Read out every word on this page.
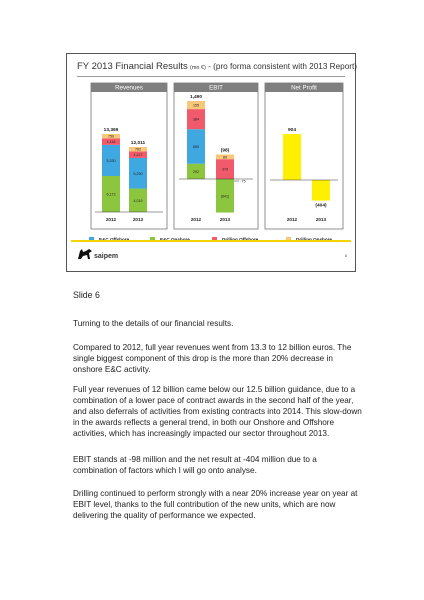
FY 2013 Financial Results (mn €) - (pro forma consistent with 2013 Report)
Revenues	EBIT	Net Profit
6,173
5,330
1,116
750
13,369
2012
4,015
5,250
1,117
762
12,011
2013
292
659
384
155
1,490
2012
(641)
379
89
(98)
2013
-75
904
2012
(404)
2013
saipem	6
Slide 6
Turning to the details of our financial results.
Compared to 2012, full year revenues went from 13.3 to 12 billion euros. The single biggest component of this drop is the more than 20% decrease in onshore E&C activity.
Full year revenues of 12 billion came below our 12.5 billion guidance, due to a combination of a lower pace of contract awards in the second half of the year, and also deferrals of activities from existing contracts into 2014. This slow-down in the awards reflects a general trend, in both our Onshore and Offshore activities, which has increasingly impacted our sector throughout 2013.
EBIT stands at -98 million and the net result at -404 million due to a combination of factors which I will go onto analyse.
Drilling continued to perform strongly with a near 20% increase year on year at EBIT level, thanks to the full contribution of the new units, which are now delivering the quality of performance we expected.
